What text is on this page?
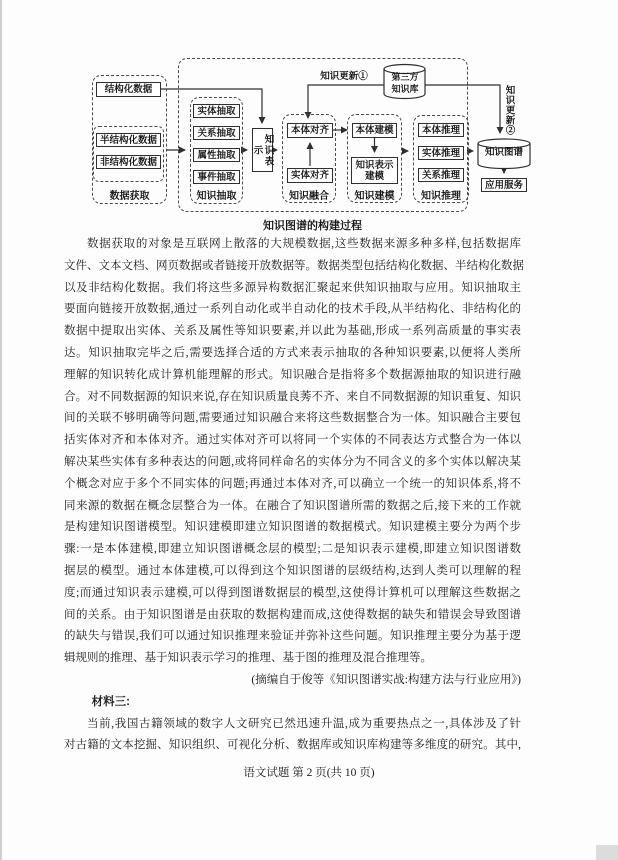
结构化数据
半结构化数据
非结构化数据
数据获取
实体抽取
关系抽取
属性抽取
事件抽取
知识抽取
知识表示
本体对齐
实体对齐
知识融合
本体建模
知识表示建模
知识建模
本体推理
实体推理
关系推理
知识推理
第三方知识库
知识更新①
知识更新②
知识图谱
应用服务
知识图谱的构建过程
数据获取的对象是互联网上散落的大规模数据,这些数据来源多种多样,包括数据库
文件、文本文档、网页数据或者链接开放数据等。数据类型包括结构化数据、半结构化数据
以及非结构化数据。我们将这些多源异构数据汇聚起来供知识抽取与应用。知识抽取主
要面向链接开放数据,通过一系列自动化或半自动化的技术手段,从半结构化、非结构化的
数据中提取出实体、关系及属性等知识要素,并以此为基础,形成一系列高质量的事实表
达。知识抽取完毕之后,需要选择合适的方式来表示抽取的各种知识要素,以便将人类所
理解的知识转化成计算机能理解的形式。知识融合是指将多个数据源抽取的知识进行融
合。对不同数据源的知识来说,存在知识质量良莠不齐、来自不同数据源的知识重复、知识
间的关联不够明确等问题,需要通过知识融合来将这些数据整合为一体。知识融合主要包
括实体对齐和本体对齐。通过实体对齐可以将同一个实体的不同表达方式整合为一体以
解决某些实体有多种表达的问题,或将同样命名的实体分为不同含义的多个实体以解决某
个概念对应于多个不同实体的问题;再通过本体对齐,可以确立一个统一的知识体系,将不
同来源的数据在概念层整合为一体。在融合了知识图谱所需的数据之后,接下来的工作就
是构建知识图谱模型。知识建模即建立知识图谱的数据模式。知识建模主要分为两个步
骤:一是本体建模,即建立知识图谱概念层的模型;二是知识表示建模,即建立知识图谱数
据层的模型。通过本体建模,可以得到这个知识图谱的层级结构,达到人类可以理解的程
度;而通过知识表示建模,可以得到图谱数据层的模型,这使得计算机可以理解这些数据之
间的关系。由于知识图谱是由获取的数据构建而成,这使得数据的缺失和错误会导致图谱
的缺失与错误,我们可以通过知识推理来验证并弥补这些问题。知识推理主要分为基于逻
辑规则的推理、基于知识表示学习的推理、基于图的推理及混合推理等。
(摘编自于俊等《知识图谱实战:构建方法与行业应用》)
材料三:
当前,我国古籍领域的数字人文研究已然迅速升温,成为重要热点之一,具体涉及了针
对古籍的文本挖掘、知识组织、可视化分析、数据库或知识库构建等多维度的研究。其中,
语文试题 第 2 页(共 10 页)
